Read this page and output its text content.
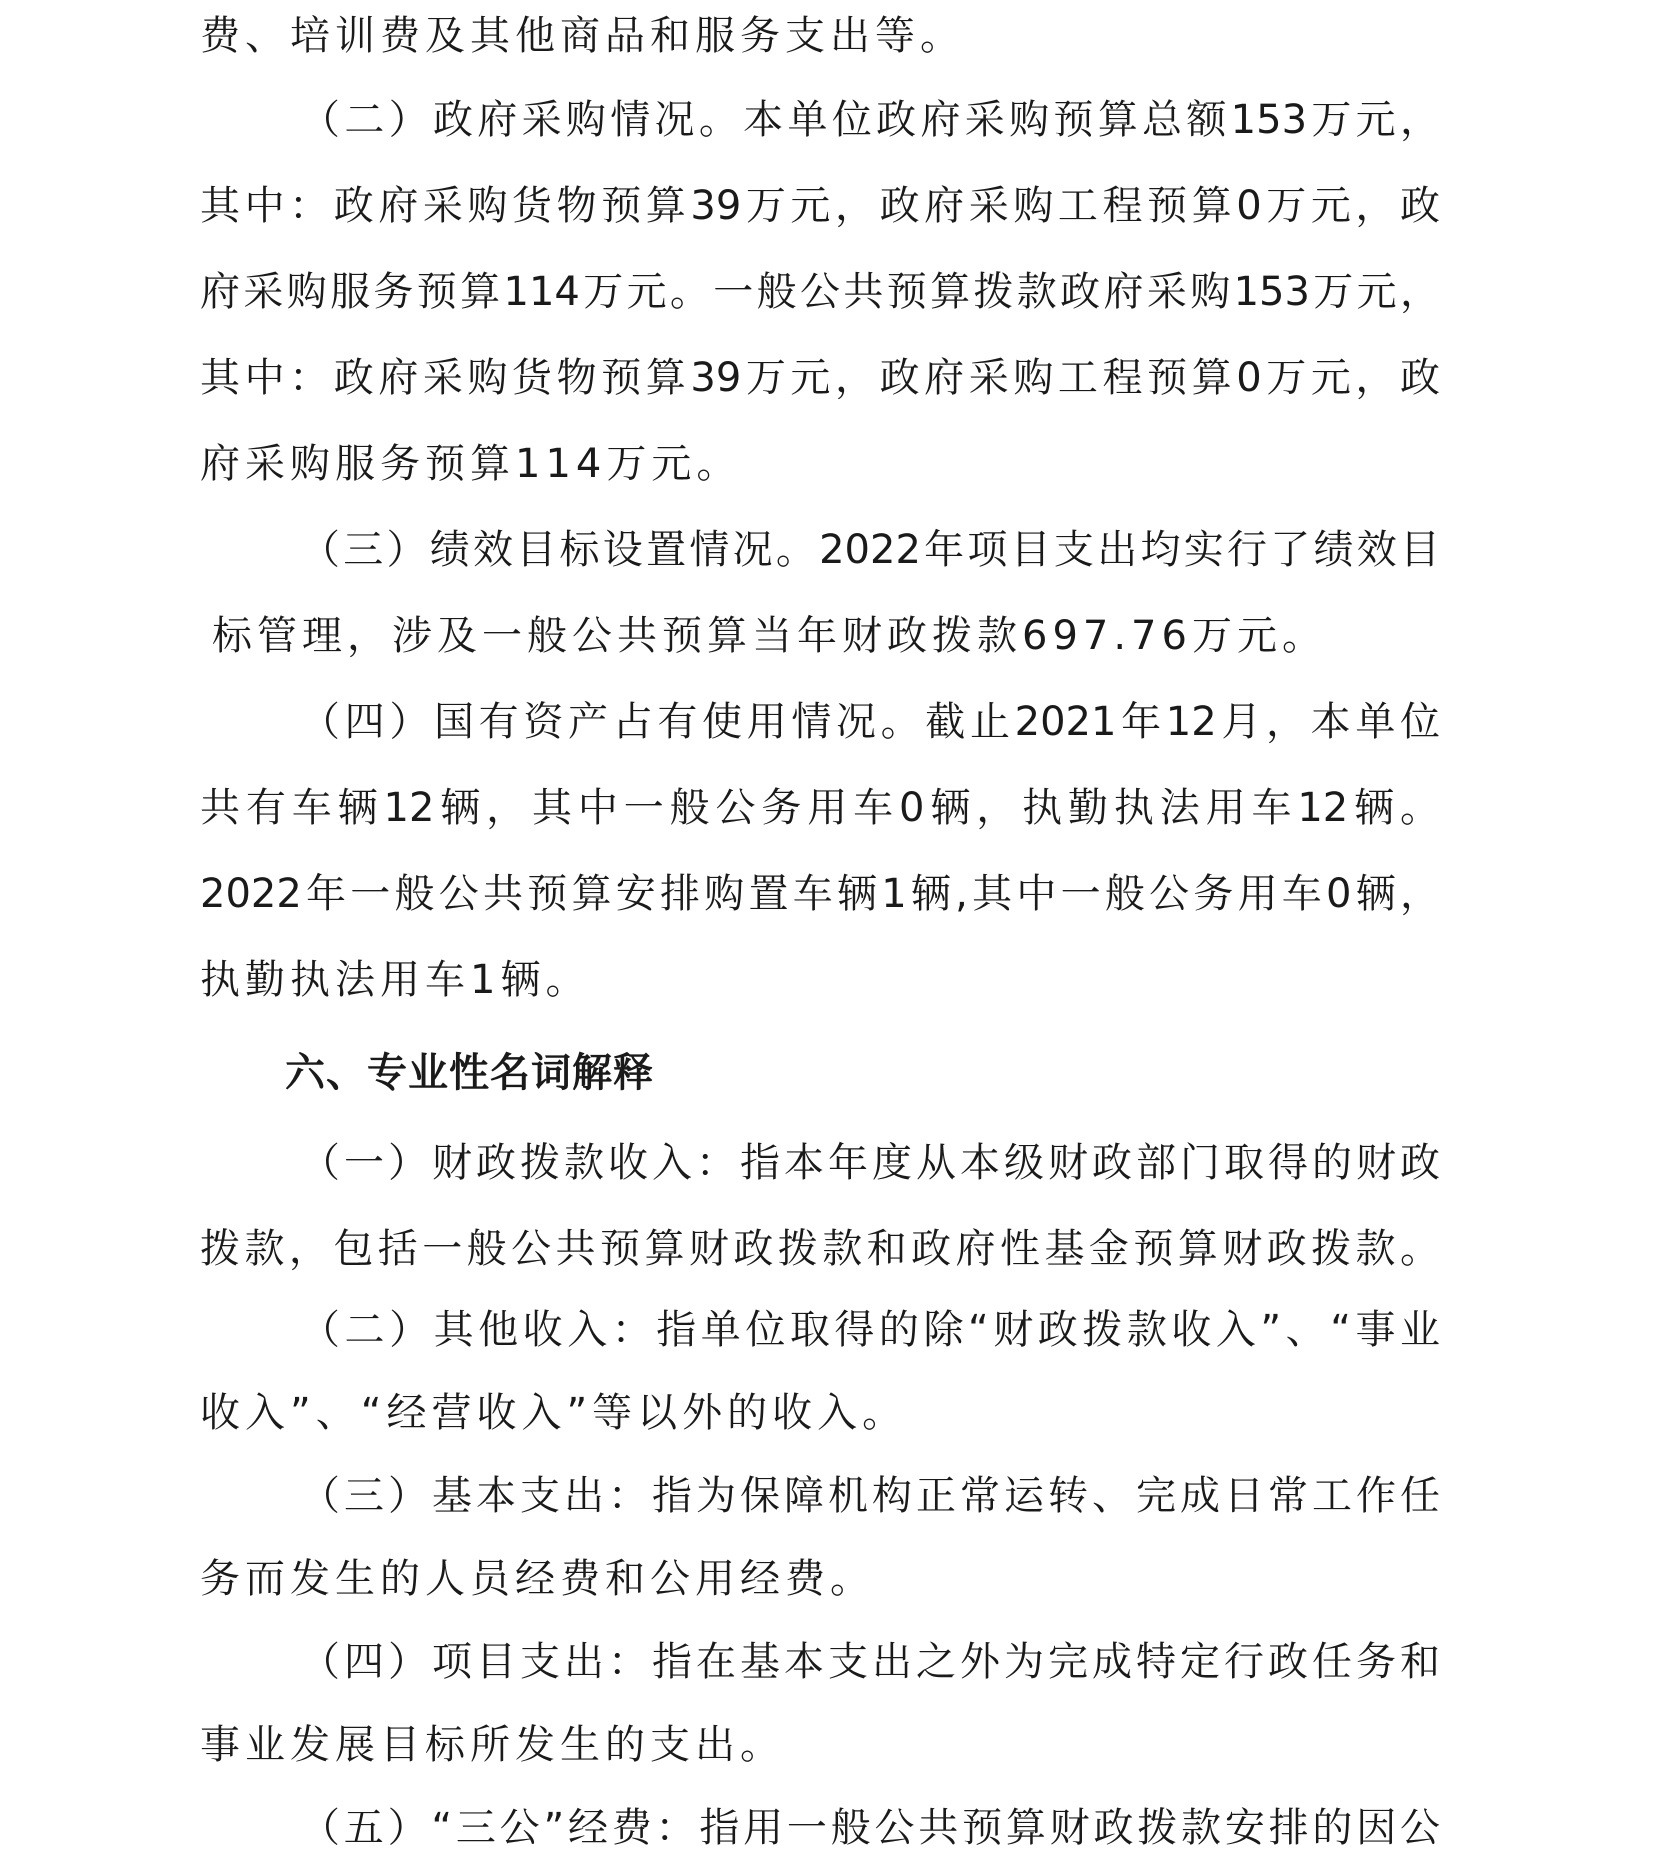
费、培训费及其他商品和服务支出等。
（二）政府采购情况。本单位政府采购预算总额153万元，
其中：政府采购货物预算39万元，政府采购工程预算0万元，政
府采购服务预算114万元。一般公共预算拨款政府采购153万元，
其中：政府采购货物预算39万元，政府采购工程预算0万元，政
府采购服务预算114万元。
（三）绩效目标设置情况。2022年项目支出均实行了绩效目
标管理，涉及一般公共预算当年财政拨款697.76万元。
（四）国有资产占有使用情况。截止2021年12月，本单位
共有车辆12辆，其中一般公务用车0辆，执勤执法用车12辆。
2022年一般公共预算安排购置车辆1辆,其中一般公务用车0辆，
执勤执法用车1辆。
六、专业性名词解释
（一）财政拨款收入：指本年度从本级财政部门取得的财政
拨款，包括一般公共预算财政拨款和政府性基金预算财政拨款。
（二）其他收入：指单位取得的除“财政拨款收入”、“事业
收入”、“经营收入”等以外的收入。
（三）基本支出：指为保障机构正常运转、完成日常工作任
务而发生的人员经费和公用经费。
（四）项目支出：指在基本支出之外为完成特定行政任务和
事业发展目标所发生的支出。
（五）“三公”经费：指用一般公共预算财政拨款安排的因公
